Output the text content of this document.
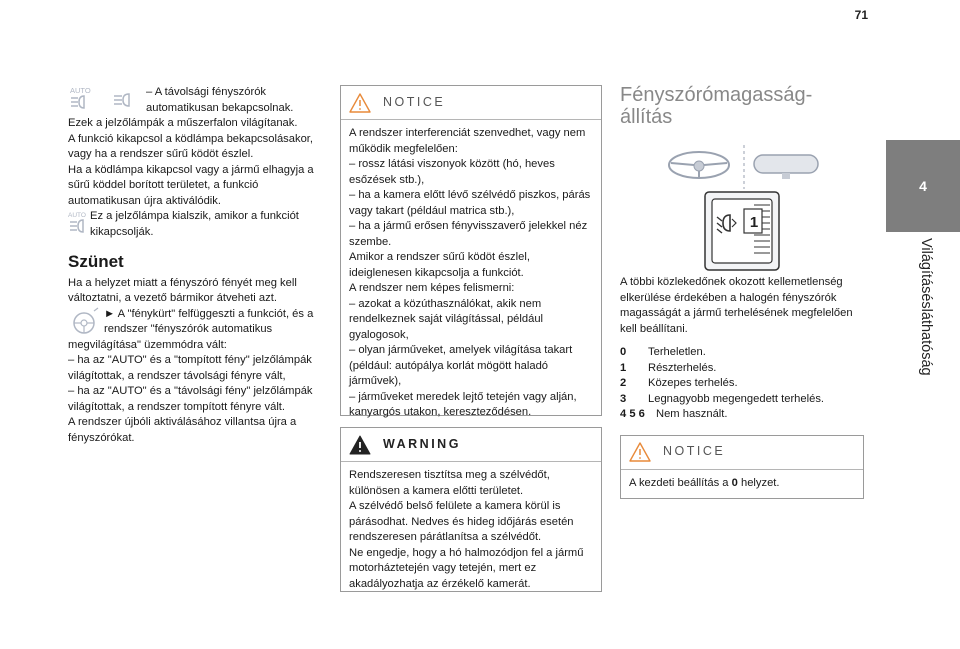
71
4
Világításésláthatóság
AUTO	– A távolsági fényszórók automatikusan bekapcsolnak.

Ezek a jelzőlámpák a műszerfalon világítanak.

A funkció kikapcsol a ködlámpa bekapcsolásakor, vagy ha a rendszer sűrű ködöt észlel.

Ha a ködlámpa kikapcsol vagy a jármű elhagyja a sűrű köddel borított területet, a funkció automatikusan újra aktiválódik.

AUTO Ez a jelzőlámpa kialszik, amikor a funkciót kikapcsolják.
Szünet

Ha a helyzet miatt a fényszóró fényét meg kell változtatni, a vezető bármikor átveheti azt.

► A "fénykürt" felfüggeszti a funkciót, és a rendszer "fényszórók automatikus

megvilágítása" üzemmódra vált:

– ha az "AUTO" és a "tompított fény" jelzőlámpák világítottak, a rendszer távolsági fényre vált,

– ha az "AUTO" és a "távolsági fény" jelzőlámpák világítottak, a rendszer tompított fényre vált.

A rendszer újbóli aktiválásához villantsa újra a fényszórókat.

NOTICE

A rendszer interferenciát szenvedhet, vagy nem működik megfelelően:

– rossz látási viszonyok között (hó, heves esőzések stb.),

– ha a kamera előtt lévő szélvédő piszkos, párás vagy takart (például matrica stb.),

– ha a jármű erősen fényvisszaverő jelekkel néz szembe.

Amikor a rendszer sűrű ködöt észlel, ideiglenesen kikapcsolja a funkciót.

A rendszer nem képes felismerni:

– azokat a közúthasználókat, akik nem rendelkeznek saját világítással, például gyalogosok,

– olyan járműveket, amelyek világítása takart (például: autópálya korlát mögött haladó járművek),

– járműveket meredek lejtő tetején vagy alján, kanyargós utakon, kereszteződésen.

WARNING

Rendszeresen tisztítsa meg a szélvédőt, különösen a kamera előtti területet.

A szélvédő belső felülete a kamera körül is párásodhat. Nedves és hideg időjárás esetén rendszeresen párátlanítsa a szélvédőt.

Ne engedje, hogy a hó halmozódjon fel a jármű motorháztetején vagy tetején, mert ez akadályozhatja az érzékelő kamerát.

Fényszórómagasság-
állítás
1

A többi közlekedőnek okozott kellemetlenség elkerülése érdekében a halogén fényszórók magasságát a jármű terhelésének megfelelően kell beállítani.

0	Terheletlen.
1	Részterhelés.
2	Közepes terhelés.
3	Legnagyobb megengedett terhelés.
4 5 6 Nem használt.
NOTICE
A kezdeti beállítás a 0 helyzet.
